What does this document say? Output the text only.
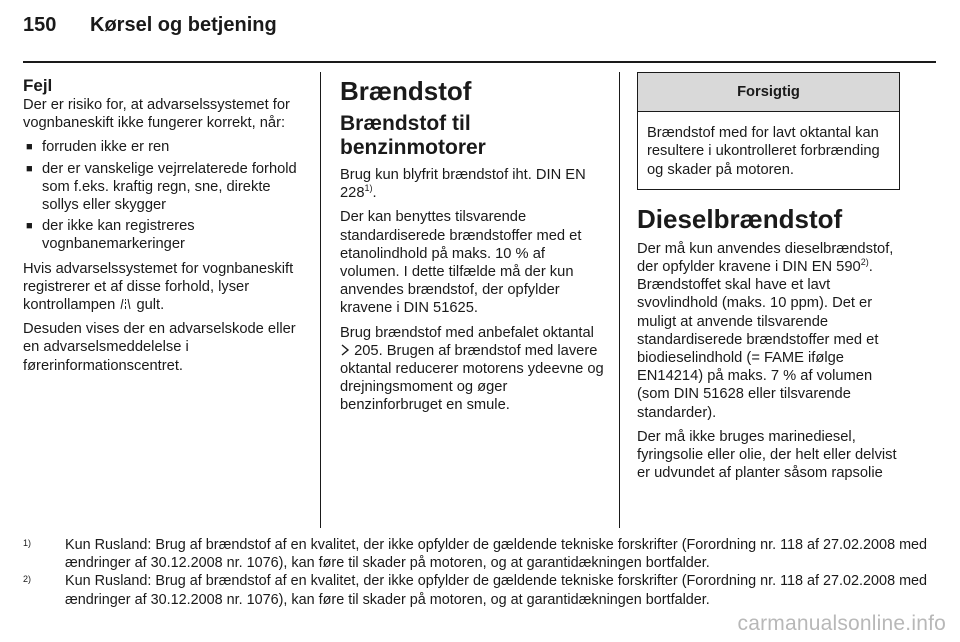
150 Kørsel og betjening
Fejl

Der er risiko for, at advarselssystemet for vognbaneskift ikke fungerer korrekt, når:

■ forruden ikke er ren
■ der er vanskelige vejrrelaterede forhold som f.eks. kraftig regn, sne, direkte sollys eller skygger
■ der ikke kan registreres vognbanemarkeringer

Hvis advarselssystemet for vognbaneskift registrerer et af disse forhold, lyser kontrollampen  gult.

Desuden vises der en advarselskode eller en advarselsmeddelelse i førerinformationscentret.

Brændstof
Brændstof til benzinmotorer

Brug kun blyfrit brændstof iht. DIN EN 228$^{1)}$.

Der kan benyttes tilsvarende standardiserede brændstoffer med et etanolindhold på maks. 10 % af volumen. I dette tilfælde må der kun anvendes brændstof, der opfylder kravene i DIN 51625.

Brug brændstof med anbefalet oktantal  205. Brugen af brændstof med lavere oktantal reducerer motorens ydeevne og drejningsmoment og øger benzinforbruget en smule.

Forsigtig
Brændstof med for lavt oktantal kan resultere i ukontrolleret forbrænding og skader på motoren.
Dieselbrændstof

Der må kun anvendes dieselbrændstof, der opfylder kravene i DIN EN 590$^{2)}$. Brændstoffet skal have et lavt svovlindhold (maks. 10 ppm). Det er muligt at anvende tilsvarende standardiserede brændstoffer med et biodieselindhold (= FAME ifølge EN14214) på maks. 7 % af volumen (som DIN 51628 eller tilsvarende standarder).

Der må ikke bruges marinediesel, fyringsolie eller olie, der helt eller delvist er udvundet af planter såsom rapsolie

1) Kun Rusland: Brug af brændstof af en kvalitet, der ikke opfylder de gældende tekniske forskrifter (Forordning nr. 118 af 27.02.2008 med ændringer af 30.12.2008 nr. 1076), kan føre til skader på motoren, og at garantidækningen bortfalder.
2) Kun Rusland: Brug af brændstof af en kvalitet, der ikke opfylder de gældende tekniske forskrifter (Forordning nr. 118 af 27.02.2008 med ændringer af 30.12.2008 nr. 1076), kan føre til skader på motoren, og at garantidækningen bortfalder.
carmanualsonline.info
